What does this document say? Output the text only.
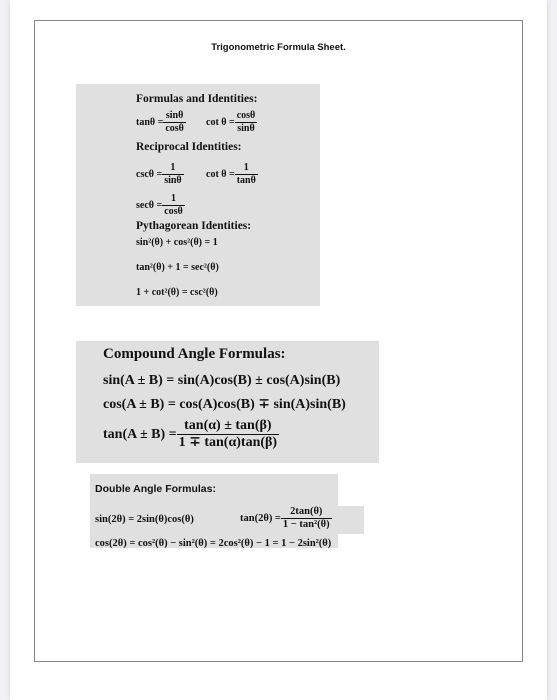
Trigonometric Formula Sheet.
Formulas and Identities:
$\tan\theta = \frac{\sin\theta}{\cos\theta}$ $\cot \theta = \frac{\cos\theta}{\sin\theta}$
Reciprocal Identities:
$\csc\theta = \frac{1}{\sin\theta}$ $\cot \theta = \frac{1}{\tan\theta}$
$\sec\theta = \frac{1}{\cos\theta}$
Pythagorean Identities:
sin²(θ) + cos²(θ) = 1
tan²(θ) + 1 = sec²(θ)
1 + cot²(θ) = csc²(θ)
Compound Angle Formulas:
sin(A ± B) = sin(A)cos(B) ± cos(A)sin(B)
cos(A ± B) = cos(A)cos(B) ∓ sin(A)sin(B)
$\tan(A \pm B) = \frac{\tan(\alpha) \pm \tan(\beta)}{1 \mp \tan(\alpha)\tan(\beta)}$
Double Angle Formulas:
sin(2θ) = 2sin(θ)cos(θ)	$\tan(2\theta) = \frac{2\tan(\theta)}{\text{1 − tan²(θ)}}$
cos(2θ) = cos²(θ) − sin²(θ) = 2cos²(θ) − 1 = 1 − 2sin²(θ)
